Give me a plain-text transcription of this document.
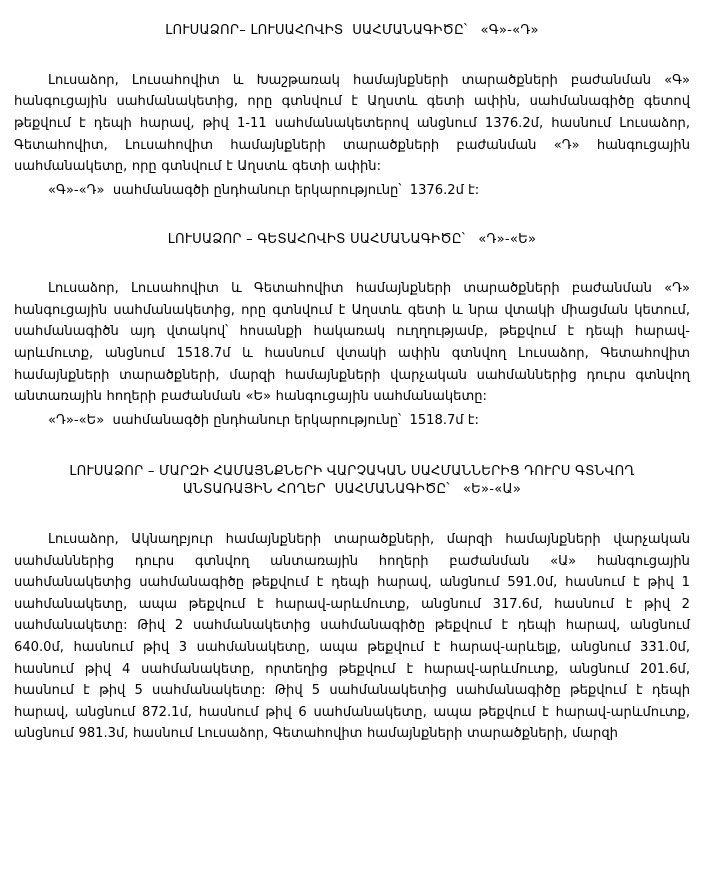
ԼՈՒՍԱՁՈՐ– ԼՈՒՍԱՀՈՎԻՏ  ՍԱՀՄԱՆԱԳԻԾԸ՝   «Գ»-«Դ»

Լուսաձոր, Լուսահովիտ և Խաշթառակ համայնքների տարածքների բաժանման «Գ» հանգուցային սահմանակետից, որը գտնվում է Աղստև գետի ափին, սահմանագիծը գետով թեքվում է դեպի հարավ, թիվ 1-11 սահմանակետերով անցնում 1376.2մ, հասնում Լուսաձոր, Գետահովիտ, Լուսահովիտ համայնքների տարածքների բաժանման «Դ» հանգուցային սահմանակետը, որը գտնվում է Աղստև գետի ափին:

«Գ»-«Դ»  սահմանագծի ընդհանուր երկարությունը՝  1376.2մ է:

ԼՈՒՍԱՁՈՐ – ԳԵՏԱՀՈՎԻՏ ՍԱՀՄԱՆԱԳԻԾԸ՝   «Դ»-«Ե»

Լուսաձոր, Լուսահովիտ և Գետահովիտ համայնքների տարածքների բաժանման «Դ» հանգուցային սահմանակետից, որը գտնվում է Աղստև գետի և նրա վտակի միացման կետում, սահմանագիծն այդ վտակով՝ հոսանքի հակառակ ուղղությամբ, թեքվում է դեպի հարավ-արևմուտք, անցնում 1518.7մ և հասնում վտակի ափին գտնվող Լուսաձոր, Գետահովիտ համայնքների տարածքների, մարզի համայնքների վարչական սահմաններից դուրս գտնվող անտառային հողերի բաժանման «Ե» հանգուցային սահմանակետը:

«Դ»-«Ե»  սահմանագծի ընդհանուր երկարությունը՝  1518.7մ է:

ԼՈՒՍԱՁՈՐ – ՄԱՐԶԻ ՀԱՄԱՅՆՔՆԵՐԻ ՎԱՐՉԱԿԱՆ ՍԱՀՄԱՆՆԵՐԻՑ ԴՈՒՐՍ ԳՏՆՎՈՂ
ԱՆՏԱՌԱՅԻՆ ՀՈՂԵՐ  ՍԱՀՄԱՆԱԳԻԾԸ՝   «Ե»-«Ա»

Լուսաձոր, Ակնաղբյուր համայնքների տարածքների, մարզի համայնքների վարչական սահմաններից դուրս գտնվող անտառային հողերի բաժանման «Ա» հանգուցային սահմանակետից սահմանագիծը թեքվում է դեպի հարավ, անցնում 591.0մ, հասնում է թիվ 1 սահմանակետը, ապա թեքվում է հարավ-արևմուտք, անցնում 317.6մ, հասնում է թիվ 2 սահմանակետը: Թիվ 2 սահմանակետից սահմանագիծը թեքվում է դեպի հարավ, անցնում 640.0մ, հասնում թիվ 3 սահմանակետը, ապա թեքվում է հարավ-արևելք, անցնում 331.0մ, հասնում թիվ 4 սահմանակետը, որտեղից թեքվում է հարավ-արևմուտք, անցնում 201.6մ, հասնում է թիվ 5 սահմանակետը: Թիվ 5 սահմանակետից սահմանագիծը թեքվում է դեպի հարավ, անցնում 872.1մ, հասնում թիվ 6 սահմանակետը, ապա թեքվում է հարավ-արևմուտք, անցնում 981.3մ, հասնում Լուսաձոր, Գետահովիտ համայնքների տարածքների, մարզի
